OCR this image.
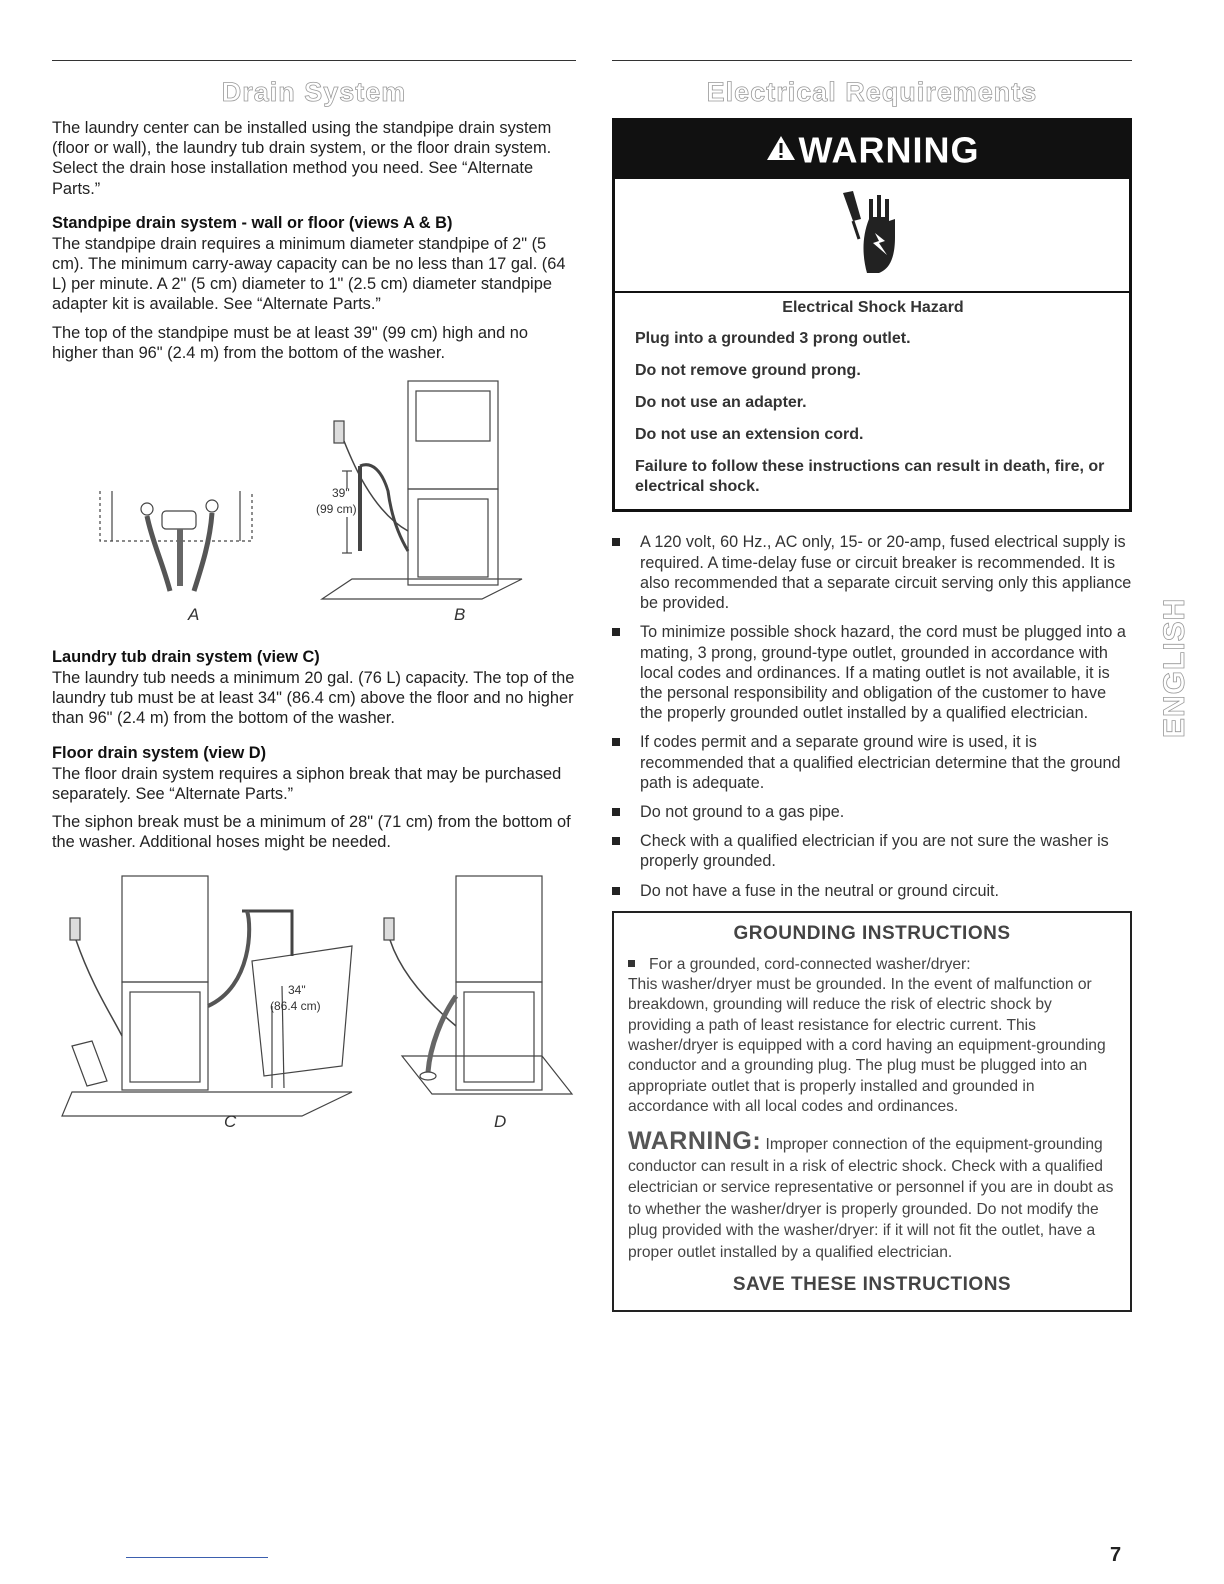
Drain System

The laundry center can be installed using the standpipe drain system (floor or wall), the laundry tub drain system, or the floor drain system. Select the drain hose installation method you need. See “Alternate Parts.”

Standpipe drain system - wall or floor (views A & B)

The standpipe drain requires a minimum diameter standpipe of 2" (5 cm). The minimum carry-away capacity can be no less than 17 gal. (64 L) per minute. A 2" (5 cm) diameter to 1" (2.5 cm) diameter standpipe adapter kit is available. See “Alternate Parts.”

The top of the standpipe must be at least 39" (99 cm) high and no higher than 96" (2.4 m) from the bottom of the washer.

39"
(99 cm)
A	B
Laundry tub drain system (view C)

The laundry tub needs a minimum 20 gal. (76 L) capacity. The top of the laundry tub must be at least 34" (86.4 cm) above the floor and no higher than 96" (2.4 m) from the bottom of the washer.

Floor drain system (view D)

The floor drain system requires a siphon break that may be purchased separately. See “Alternate Parts.”

The siphon break must be a minimum of 28" (71 cm) from the bottom of the washer. Additional hoses might be needed.

34"
(86.4 cm)
C	D
Electrical Requirements
WARNING
Electrical Shock Hazard
Plug into a grounded 3 prong outlet.
Do not remove ground prong.
Do not use an adapter.
Do not use an extension cord.
Failure to follow these instructions can result in death, fire, or electrical shock.
A 120 volt, 60 Hz., AC only, 15- or 20-amp, fused electrical supply is required. A time-delay fuse or circuit breaker is recommended. It is also recommended that a separate circuit serving only this appliance be provided.
To minimize possible shock hazard, the cord must be plugged into a mating, 3 prong, ground-type outlet, grounded in accordance with local codes and ordinances. If a mating outlet is not available, it is the personal responsibility and obligation of the customer to have the properly grounded outlet installed by a qualified electrician.
If codes permit and a separate ground wire is used, it is recommended that a qualified electrician determine that the ground path is adequate.
Do not ground to a gas pipe.
Check with a qualified electrician if you are not sure the washer is properly grounded.
Do not have a fuse in the neutral or ground circuit.
GROUNDING INSTRUCTIONS

For a grounded, cord-connected washer/dryer:

This washer/dryer must be grounded. In the event of malfunction or breakdown, grounding will reduce the risk of electric shock by providing a path of least resistance for electric current. This washer/dryer is equipped with a cord having an equipment-grounding conductor and a grounding plug. The plug must be plugged into an appropriate outlet that is properly installed and grounded in accordance with all local codes and ordinances.

WARNING: Improper connection of the equipment-grounding conductor can result in a risk of electric shock. Check with a qualified electrician or service representative or personnel if you are in doubt as to whether the washer/dryer is properly grounded. Do not modify the plug provided with the washer/dryer: if it will not fit the outlet, have a proper outlet installed by a qualified electrician.
SAVE THESE INSTRUCTIONS
ENGLISH
7
